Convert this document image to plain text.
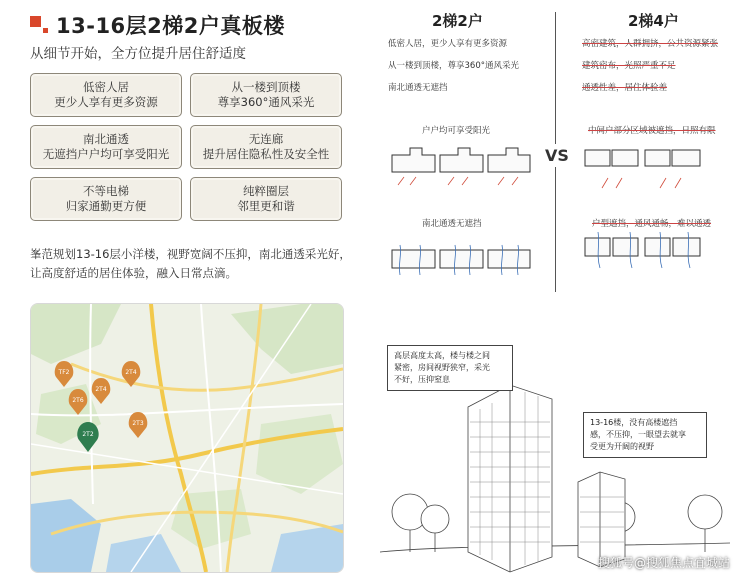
13-16层2梯2户真板楼
从细节开始，全方位提升居住舒适度
低密人居
更少人享有更多资源
从一楼到顶楼
尊享360°通风采光
南北通透
无遮挡户户均可享受阳光
无连廊
提升居住隐私性及安全性
不等电梯
归家通勤更方便
纯粹圈层
邻里更和谐
峯范规划13-16层小洋楼，视野宽阔不压抑，南北通透采光好，
让高度舒适的居住体验，融入日常点滴。
TF2	2T4
2T6
2T4
2T3
2T2
2梯2户	2梯4户
VS
低密人居，更少人享有更多资源
从一楼到顶楼，尊享360°通风采光
南北通透无遮挡
高密建筑，人群拥挤，公共资源紧张
建筑密布，光照严重不足
通透性差，居住体验差
户户均可享受阳光	中间户部分区域被遮挡，日照有限
南北通透无遮挡	户型遮挡，通风通畅，难以通透
高层高度太高，楼与楼之间
紧密，房间视野狭窄，采光
不好，压抑窒息
13-16楼，没有高楼遮挡
感，不压抑，一眼望去就享
受更为开阔的视野
搜狐号@搜狐焦点宜城站
